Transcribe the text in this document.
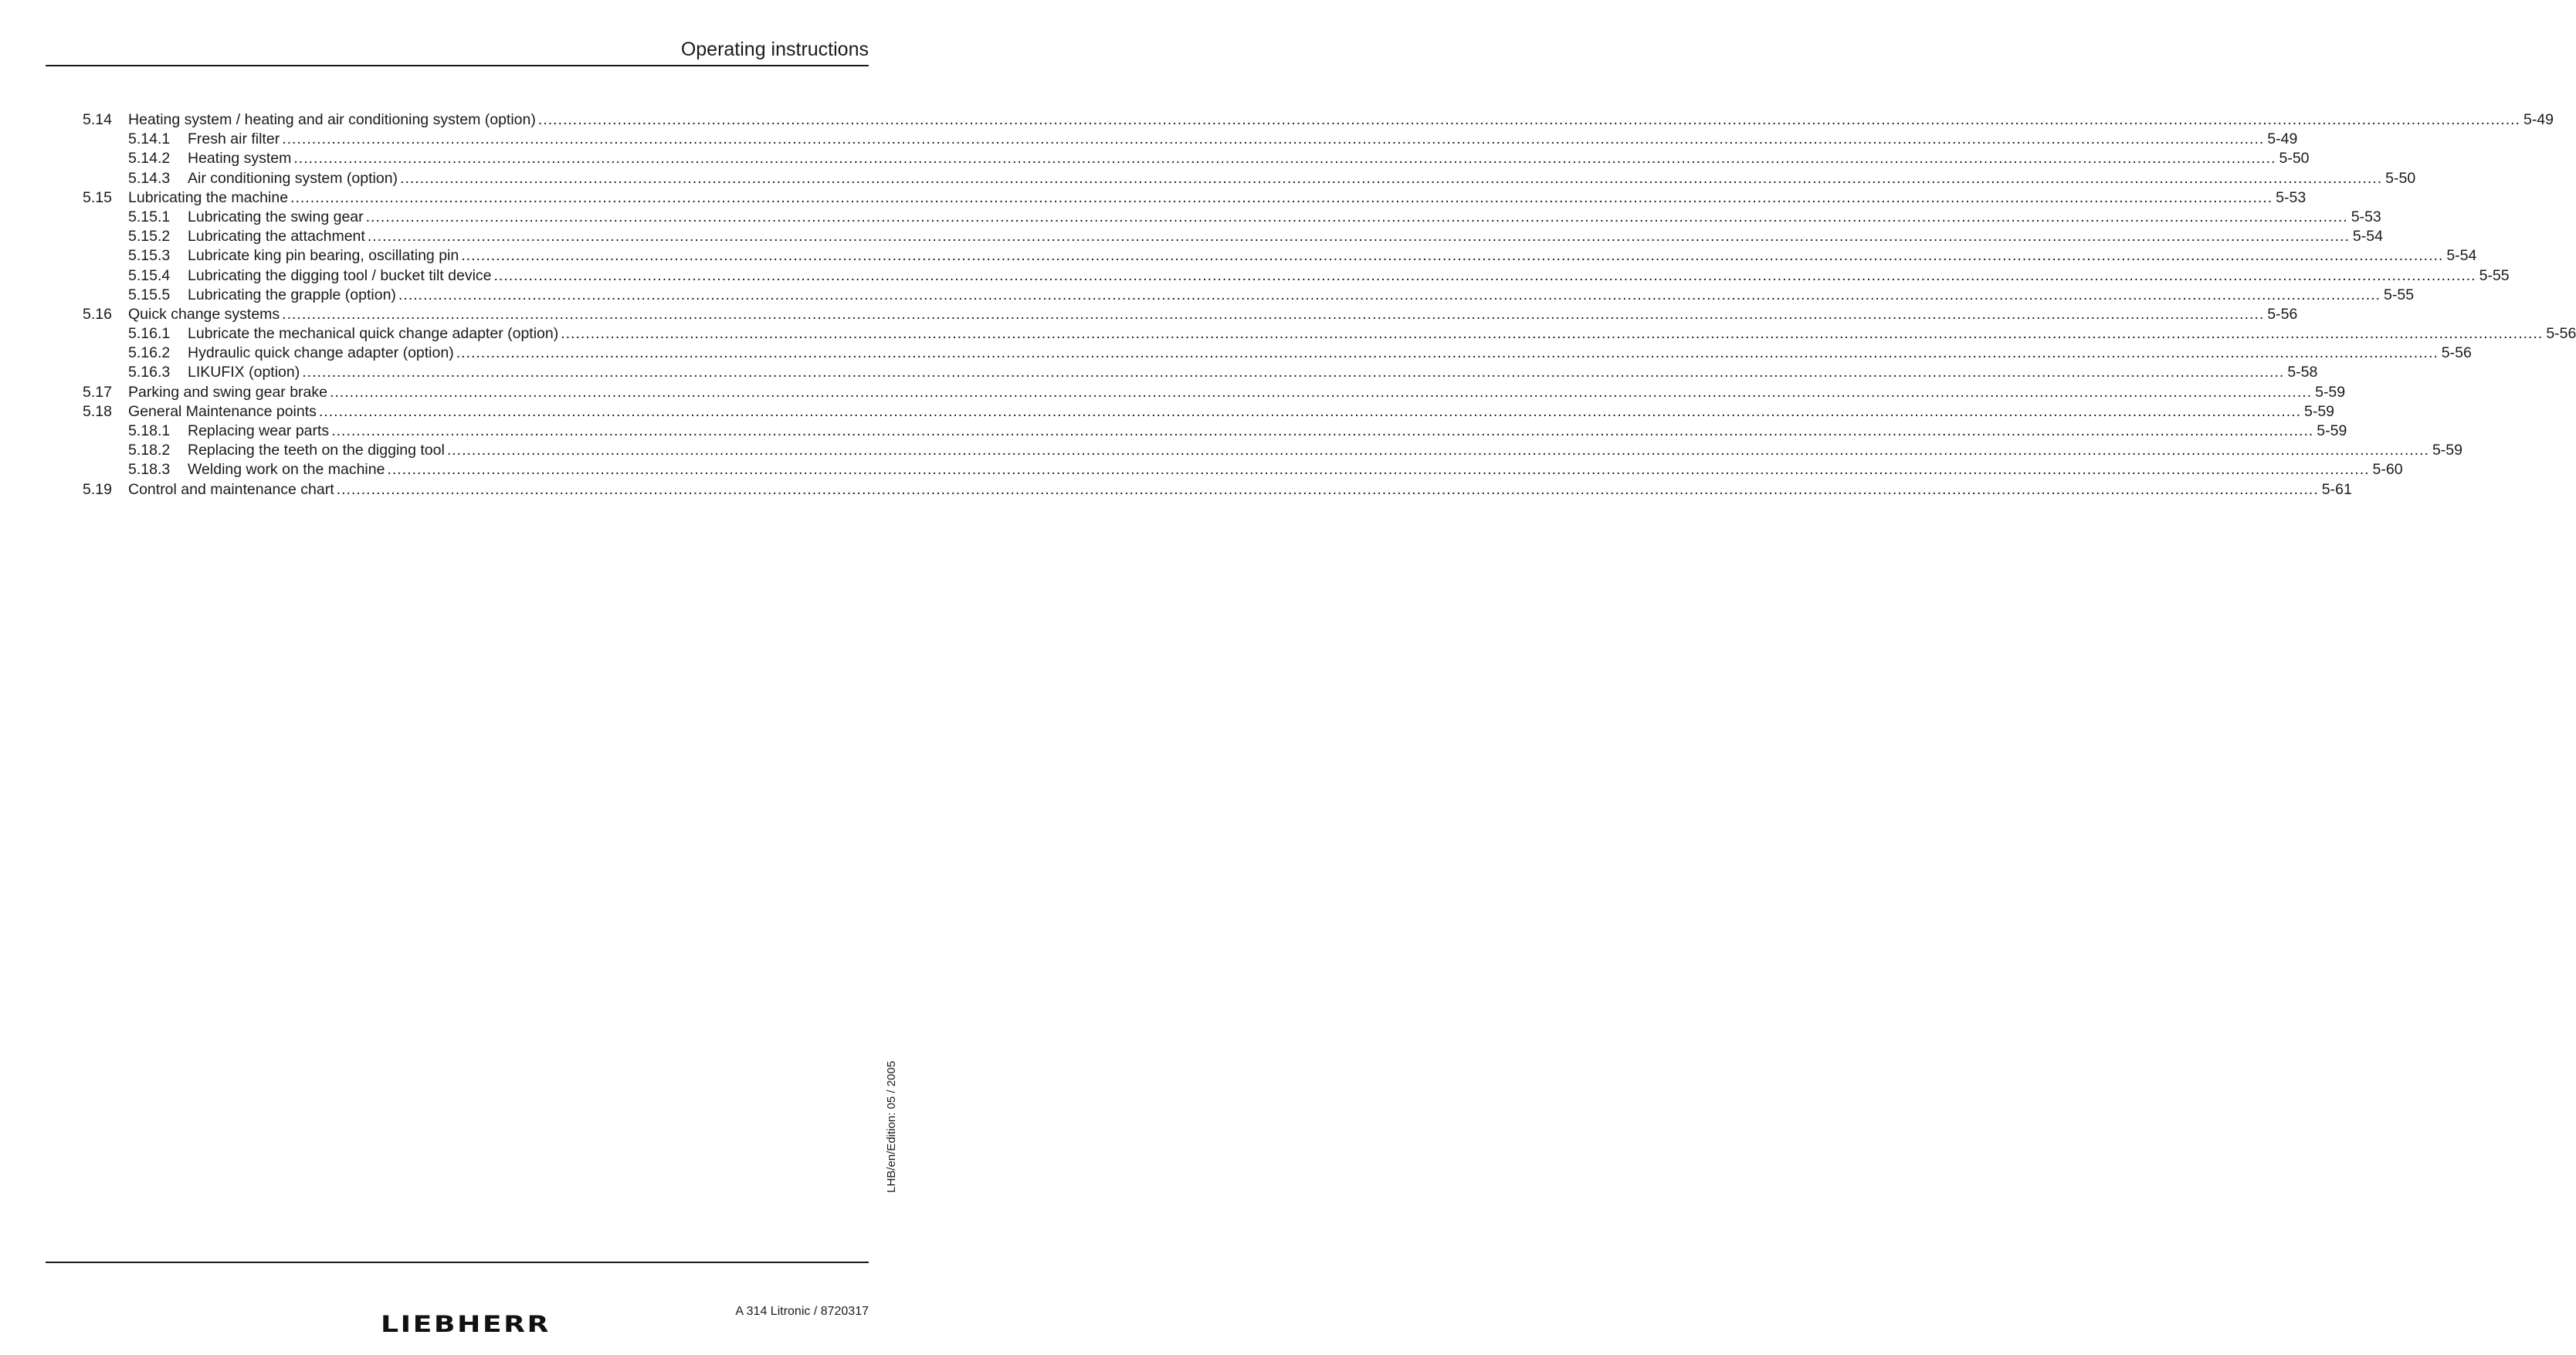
Operating instructions
5.14	Heating system / heating and air conditioning system (option) ................................................................................................................................................................................................................................................................................................................................................................................................................ 5-49
5.14.1	Fresh air filter ................................................................................................................................................................................................................................................................................................................................................................................................................ 5-49
5.14.2	Heating system ................................................................................................................................................................................................................................................................................................................................................................................................................ 5-50
5.14.3	Air conditioning system (option) ................................................................................................................................................................................................................................................................................................................................................................................................................ 5-50
5.15	Lubricating the machine ................................................................................................................................................................................................................................................................................................................................................................................................................ 5-53
5.15.1	Lubricating the swing gear ................................................................................................................................................................................................................................................................................................................................................................................................................ 5-53
5.15.2	Lubricating the attachment ................................................................................................................................................................................................................................................................................................................................................................................................................ 5-54
5.15.3	Lubricate king pin bearing, oscillating pin ................................................................................................................................................................................................................................................................................................................................................................................................................ 5-54
5.15.4	Lubricating the digging tool / bucket tilt device ................................................................................................................................................................................................................................................................................................................................................................................................................ 5-55
5.15.5	Lubricating the grapple (option) ................................................................................................................................................................................................................................................................................................................................................................................................................ 5-55
5.16	Quick change systems ................................................................................................................................................................................................................................................................................................................................................................................................................ 5-56
5.16.1	Lubricate the mechanical quick change adapter (option) ................................................................................................................................................................................................................................................................................................................................................................................................................ 5-56
5.16.2	Hydraulic quick change adapter (option) ................................................................................................................................................................................................................................................................................................................................................................................................................ 5-56
5.16.3	LIKUFIX (option) ................................................................................................................................................................................................................................................................................................................................................................................................................ 5-58
5.17	Parking and swing gear brake ................................................................................................................................................................................................................................................................................................................................................................................................................ 5-59
5.18	General Maintenance points ................................................................................................................................................................................................................................................................................................................................................................................................................ 5-59
5.18.1	Replacing wear parts ................................................................................................................................................................................................................................................................................................................................................................................................................ 5-59
5.18.2	Replacing the teeth on the digging tool ................................................................................................................................................................................................................................................................................................................................................................................................................ 5-59
5.18.3	Welding work on the machine ................................................................................................................................................................................................................................................................................................................................................................................................................ 5-60
5.19	Control and maintenance chart ................................................................................................................................................................................................................................................................................................................................................................................................................ 5-61
LHB/en/Edition: 05 / 2005
A 314 Litronic / 8720317
LIEBHERR
